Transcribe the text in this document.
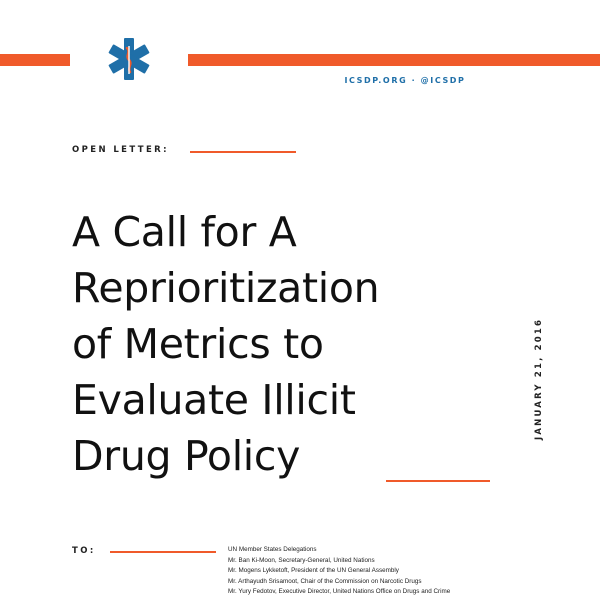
ICSDP.ORG · @ICSDP
OPEN LETTER:
A Call for A
Reprioritization
of Metrics to
Evaluate Illicit
Drug Policy
JANUARY 21, 2016
TO:	UN Member States Delegations
Mr. Ban Ki-Moon, Secretary-General, United Nations
Mr. Mogens Lykketoft, President of the UN General Assembly
Mr. Arthayudh Srisamoot, Chair of the Commission on Narcotic Drugs
Mr. Yury Fedotov, Executive Director, United Nations Office on Drugs and Crime
